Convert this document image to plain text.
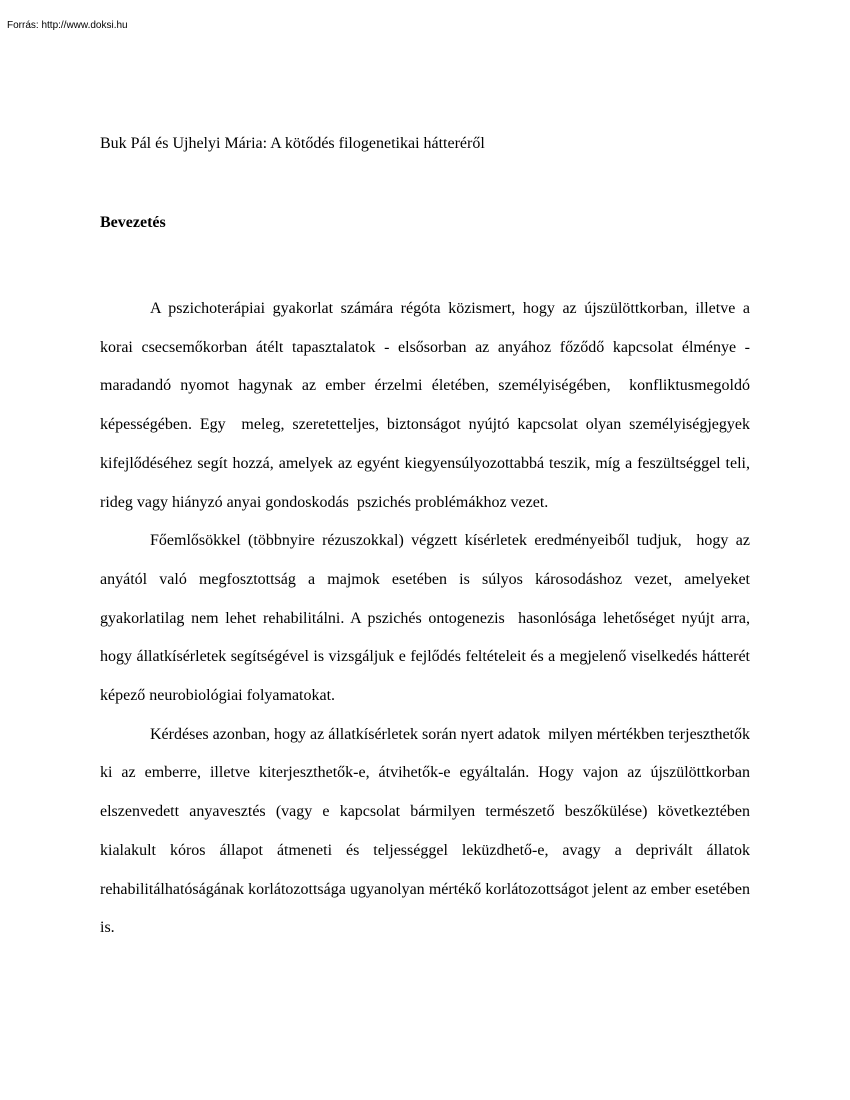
Forrás: http://www.doksi.hu
Buk Pál és Ujhelyi Mária: A kötődés filogenetikai hátteréről
Bevezetés

A pszichoterápiai gyakorlat számára régóta közismert, hogy az újszülöttkorban, illetve a korai csecsemőkorban átélt tapasztalatok - elsősorban az anyához főződő kapcsolat élménye - maradandó nyomot hagynak az ember érzelmi életében, személyiségében,  konfliktusmegoldó képességében. Egy  meleg, szeretetteljes, biztonságot nyújtó kapcsolat olyan személyiségjegyek kifejlődéséhez segít hozzá, amelyek az egyént kiegyensúlyozottabbá teszik, míg a feszültséggel teli, rideg vagy hiányzó anyai gondoskodás  pszichés problémákhoz vezet.

Főemlősökkel (többnyire rézuszokkal) végzett kísérletek eredményeiből tudjuk,  hogy az anyától való megfosztottság a majmok esetében is súlyos károsodáshoz vezet, amelyeket gyakorlatilag nem lehet rehabilitálni. A pszichés ontogenezis  hasonlósága lehetőséget nyújt arra, hogy állatkísérletek segítségével is vizsgáljuk e fejlődés feltételeit és a megjelenő viselkedés hátterét képező neurobiológiai folyamatokat.

Kérdéses azonban, hogy az állatkísérletek során nyert adatok  milyen mértékben terjeszthetők ki az emberre, illetve kiterjeszthetők-e, átvihetők-e egyáltalán. Hogy vajon az újszülöttkorban elszenvedett anyavesztés (vagy e kapcsolat bármilyen természető beszőkülése) következtében kialakult kóros állapot átmeneti és teljességgel leküzdhető-e, avagy a deprivált állatok rehabilitálhatóságának korlátozottsága ugyanolyan mértékő korlátozottságot jelent az ember esetében is.
